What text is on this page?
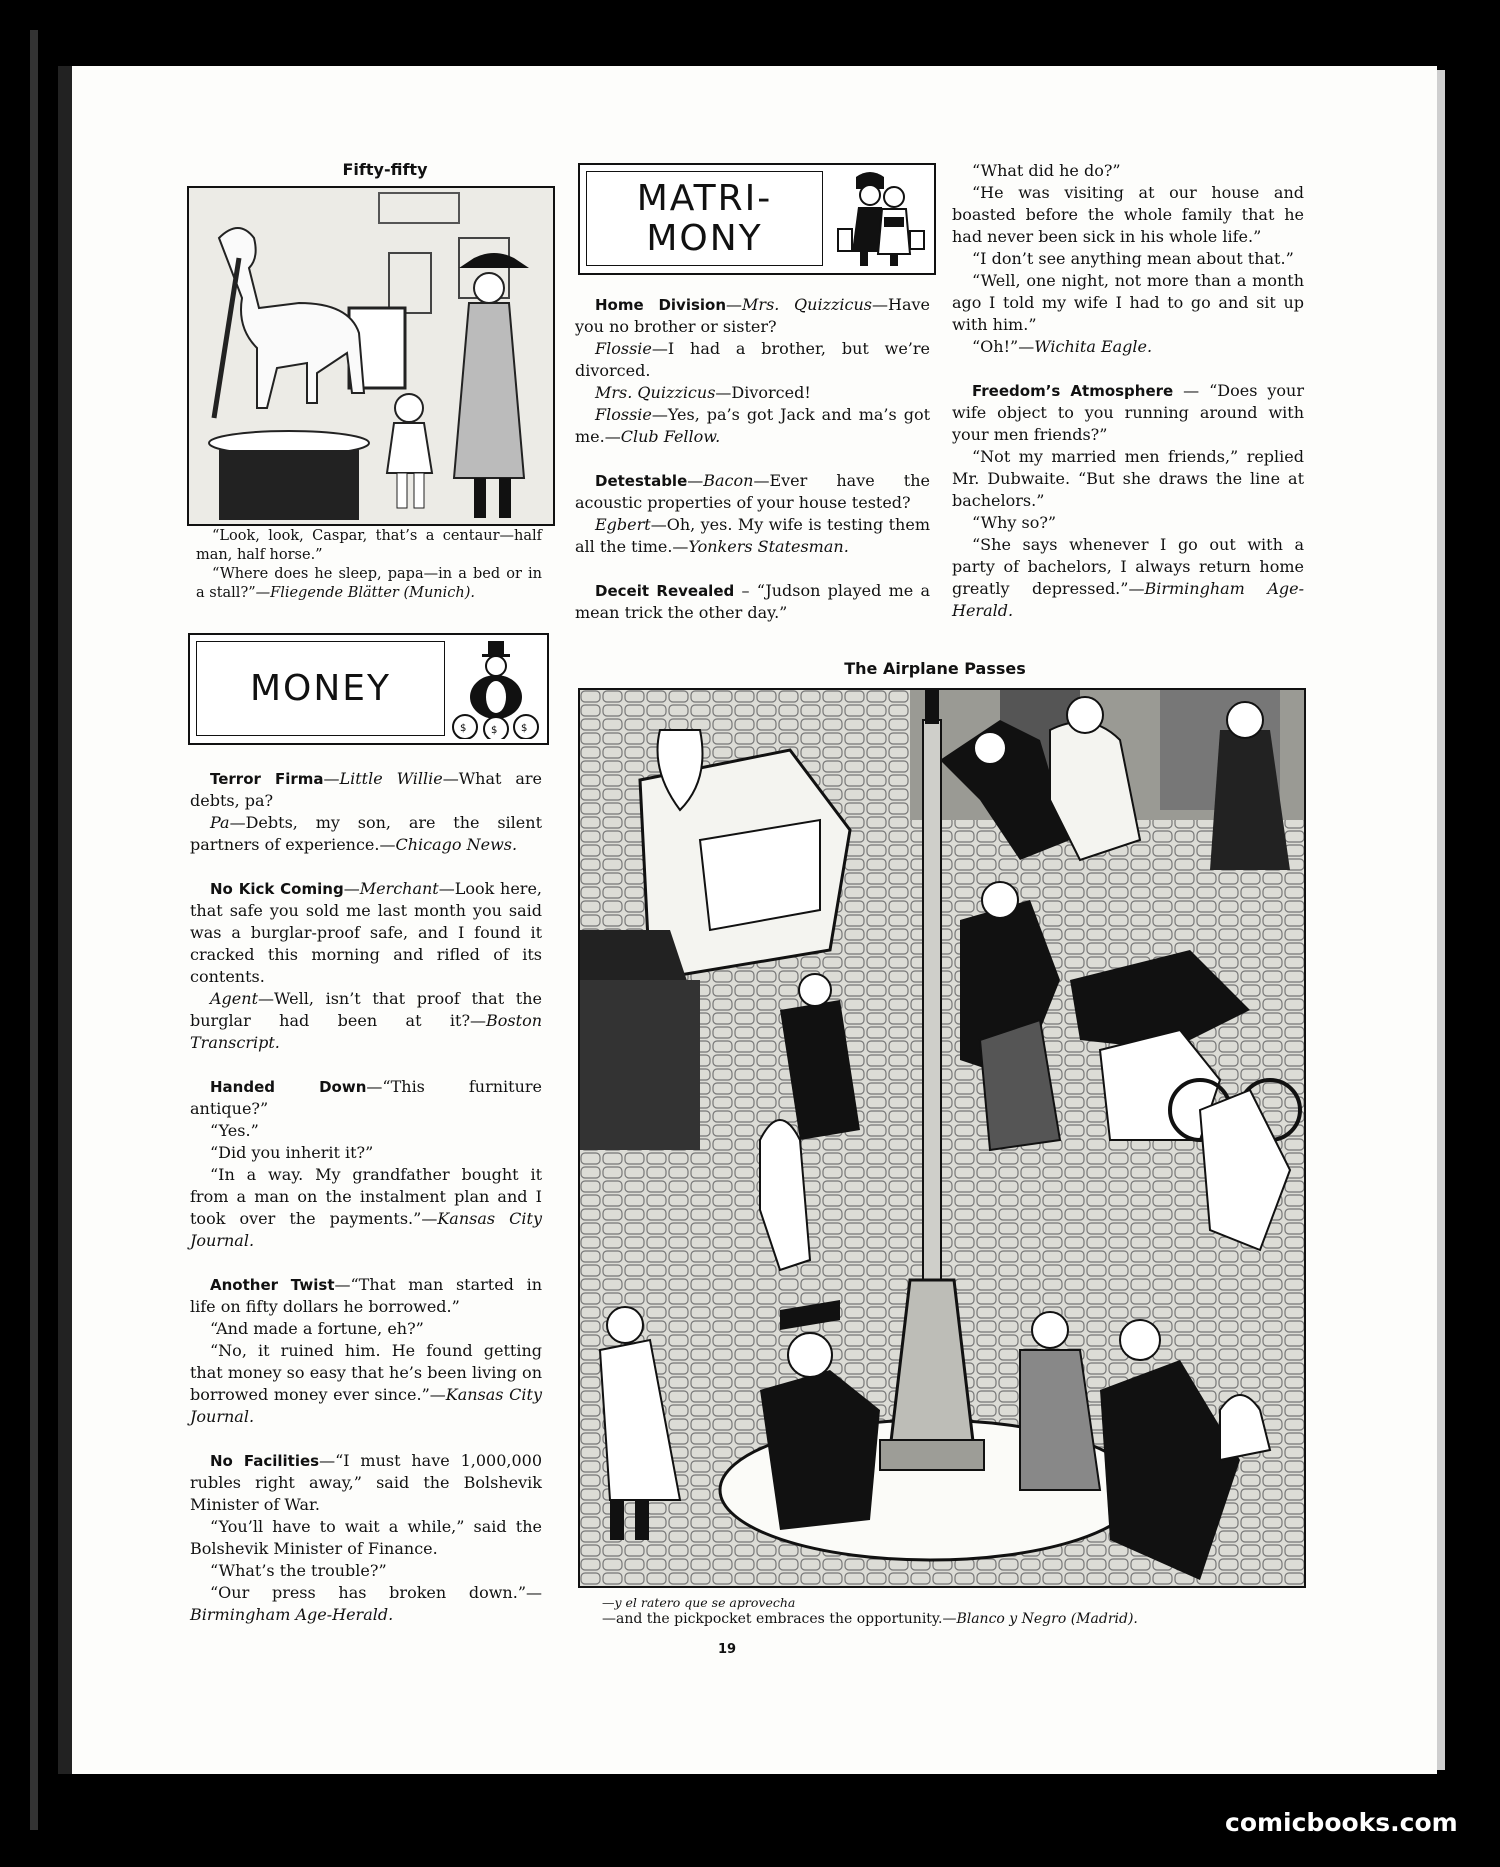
Fifty-fifty
“Look, look, Caspar, that’s a centaur—half man, half horse.”
“Where does he sleep, papa—in a bed or in a stall?”—Fliegende Blätter (Munich).
MONEY
$ $ $

Terror Firma—Little Willie—What are debts, pa?

Pa—Debts, my son, are the silent partners of experience.—Chicago News.

No Kick Coming—Merchant—Look here, that safe you sold me last month you said was a burglar-proof safe, and I found it cracked this morning and rifled of its contents.

Agent—Well, isn’t that proof that the burglar had been at it?—Boston Transcript.

Handed Down—“This furniture antique?”

“Yes.”

“Did you inherit it?”

“In a way. My grandfather bought it from a man on the instalment plan and I took over the payments.”—Kansas City Journal.

Another Twist—“That man started in life on fifty dollars he borrowed.”

“And made a fortune, eh?”

“No, it ruined him. He found getting that money so easy that he’s been living on borrowed money ever since.”—Kansas City Journal.

No Facilities—“I must have 1,000,000 rubles right away,” said the Bolshevik Minister of War.

“You’ll have to wait a while,” said the Bolshevik Minister of Finance.

“What’s the trouble?”

“Our press has broken down.”—Birmingham Age-Herald.

MATRI-
MONY

Home Division—Mrs. Quizzicus—Have you no brother or sister?

Flossie—I had a brother, but we’re divorced.

Mrs. Quizzicus—Divorced!

Flossie—Yes, pa’s got Jack and ma’s got me.—Club Fellow.

Detestable—Bacon—Ever have the acoustic properties of your house tested?

Egbert—Oh, yes. My wife is testing them all the time.—Yonkers Statesman.

Deceit Revealed – “Judson played me a mean trick the other day.”

“What did he do?”

“He was visiting at our house and boasted before the whole family that he had never been sick in his whole life.”

“I don’t see anything mean about that.”

“Well, one night, not more than a month ago I told my wife I had to go and sit up with him.”

“Oh!”—Wichita Eagle.

Freedom’s Atmosphere — “Does your wife object to you running around with your men friends?”

“Not my married men friends,” replied Mr. Dubwaite. “But she draws the line at bachelors.”

“Why so?”

“She says whenever I go out with a party of bachelors, I always return home greatly depressed.”—Birmingham Age-Herald.

The Airplane Passes
—y el ratero que se aprovecha
—and the pickpocket embraces the opportunity.—Blanco y Negro (Madrid).
19
comicbooks.com
